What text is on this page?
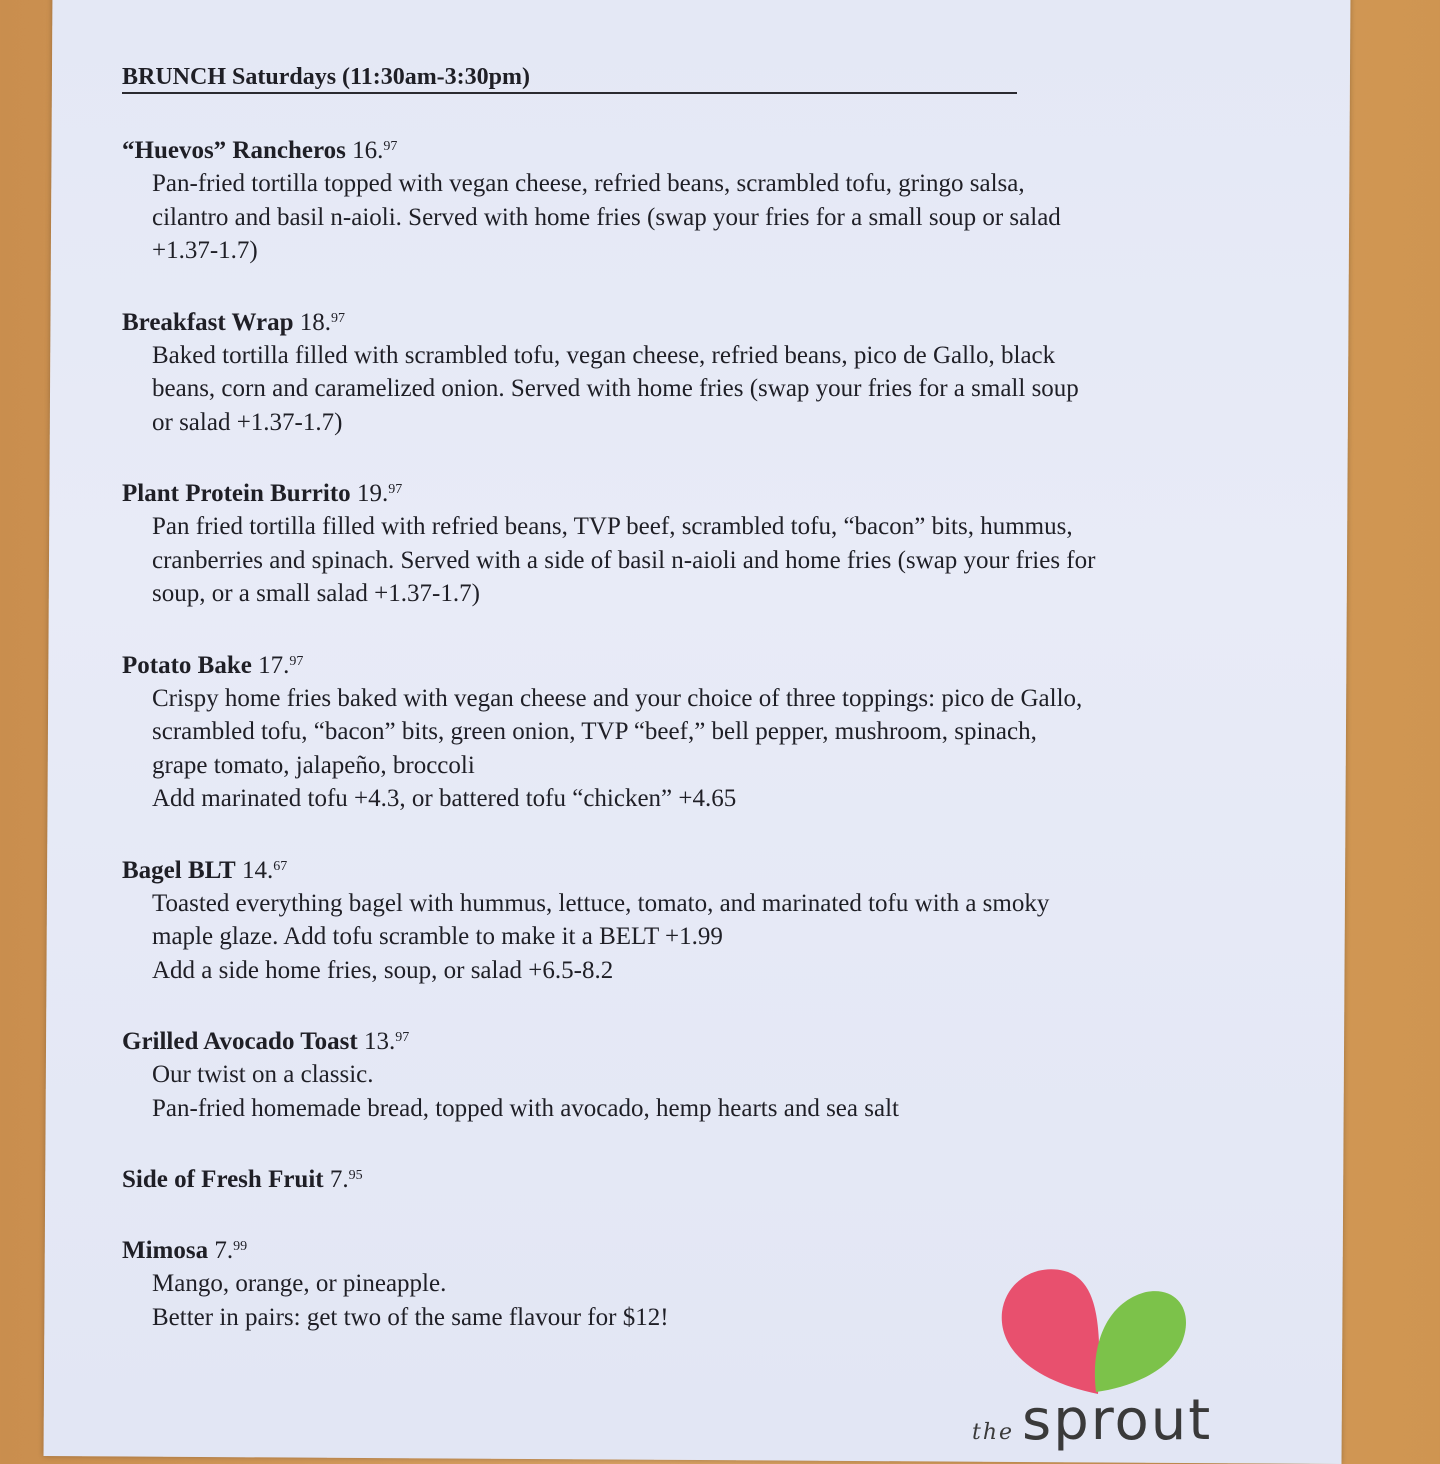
BRUNCH Saturdays (11:30am-3:30pm)
“Huevos” Rancheros 16.97
Pan-fried tortilla topped with vegan cheese, refried beans, scrambled tofu, gringo salsa,
cilantro and basil n-aioli. Served with home fries (swap your fries for a small soup or salad
+1.37-1.7)
Breakfast Wrap 18.97
Baked tortilla filled with scrambled tofu, vegan cheese, refried beans, pico de Gallo, black
beans, corn and caramelized onion. Served with home fries (swap your fries for a small soup
or salad +1.37-1.7)
Plant Protein Burrito 19.97
Pan fried tortilla filled with refried beans, TVP beef, scrambled tofu, “bacon” bits, hummus,
cranberries and spinach. Served with a side of basil n-aioli and home fries (swap your fries for
soup, or a small salad +1.37-1.7)
Potato Bake 17.97
Crispy home fries baked with vegan cheese and your choice of three toppings: pico de Gallo,
scrambled tofu, “bacon” bits, green onion, TVP “beef,” bell pepper, mushroom, spinach,
grape tomato, jalapeño, broccoli
Add marinated tofu +4.3, or battered tofu “chicken” +4.65
Bagel BLT 14.67
Toasted everything bagel with hummus, lettuce, tomato, and marinated tofu with a smoky
maple glaze. Add tofu scramble to make it a BELT +1.99
Add a side home fries, soup, or salad +6.5-8.2
Grilled Avocado Toast 13.97
Our twist on a classic.
Pan-fried homemade bread, topped with avocado, hemp hearts and sea salt
Side of Fresh Fruit 7.95
Mimosa 7.99
Mango, orange, or pineapple.
Better in pairs: get two of the same flavour for $12!
the sprout
